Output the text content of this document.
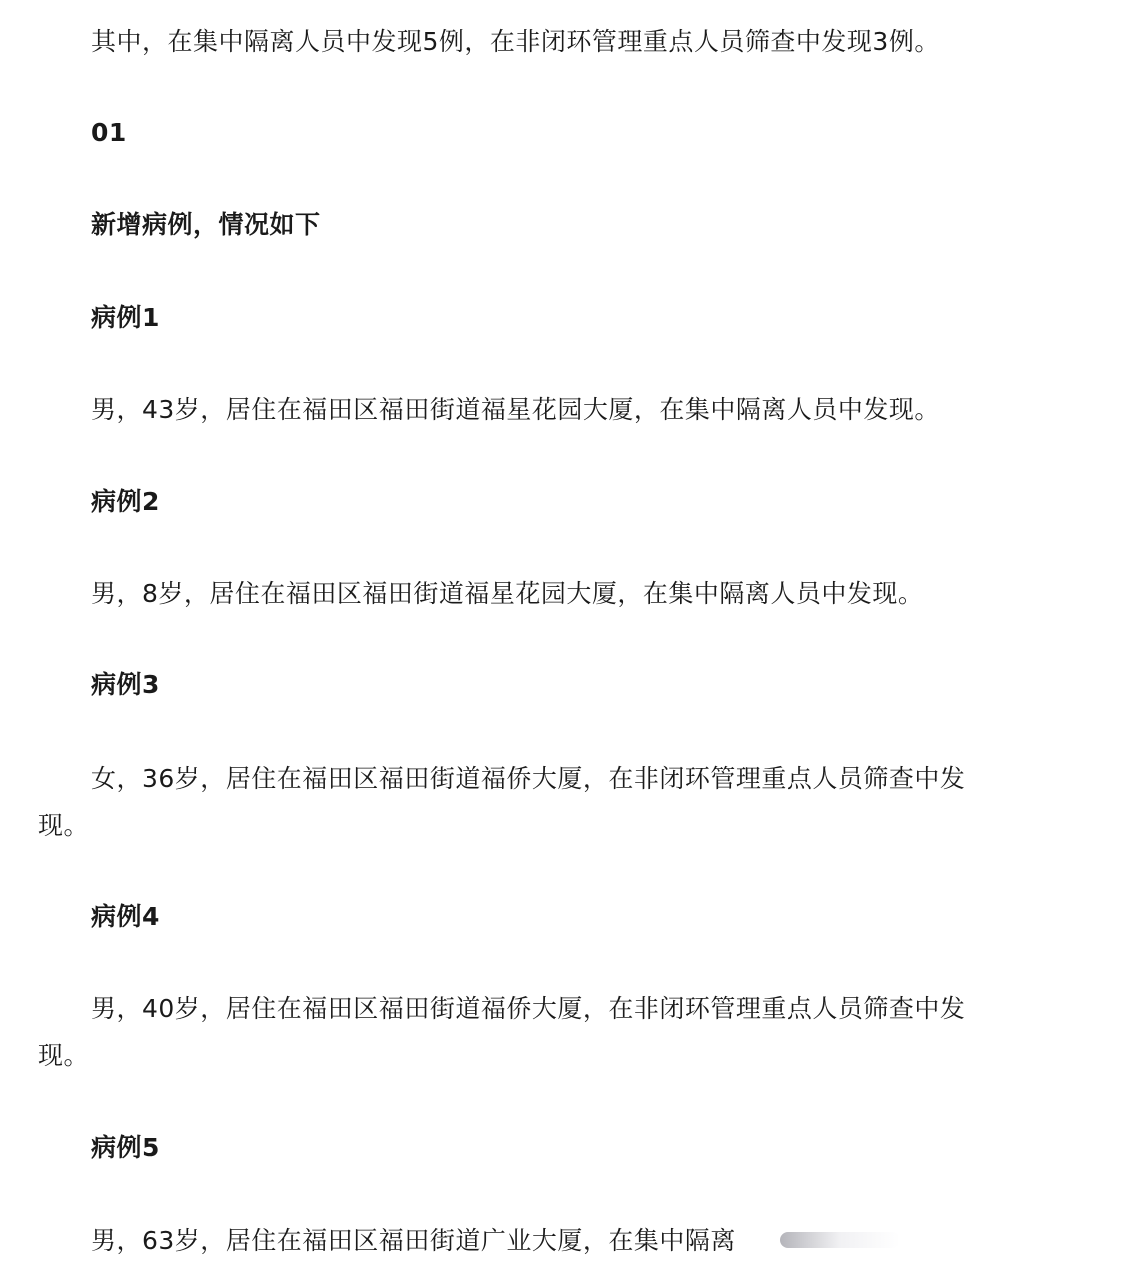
其中，在集中隔离人员中发现5例，在非闭环管理重点人员筛查中发现3例。
01
新增病例，情况如下
病例1
男，43岁，居住在福田区福田街道福星花园大厦，在集中隔离人员中发现。
病例2
男，8岁，居住在福田区福田街道福星花园大厦，在集中隔离人员中发现。
病例3
女，36岁，居住在福田区福田街道福侨大厦，在非闭环管理重点人员筛查中发
现。
病例4
男，40岁，居住在福田区福田街道福侨大厦，在非闭环管理重点人员筛查中发
现。
病例5
男，63岁，居住在福田区福田街道广业大厦，在集中隔离
